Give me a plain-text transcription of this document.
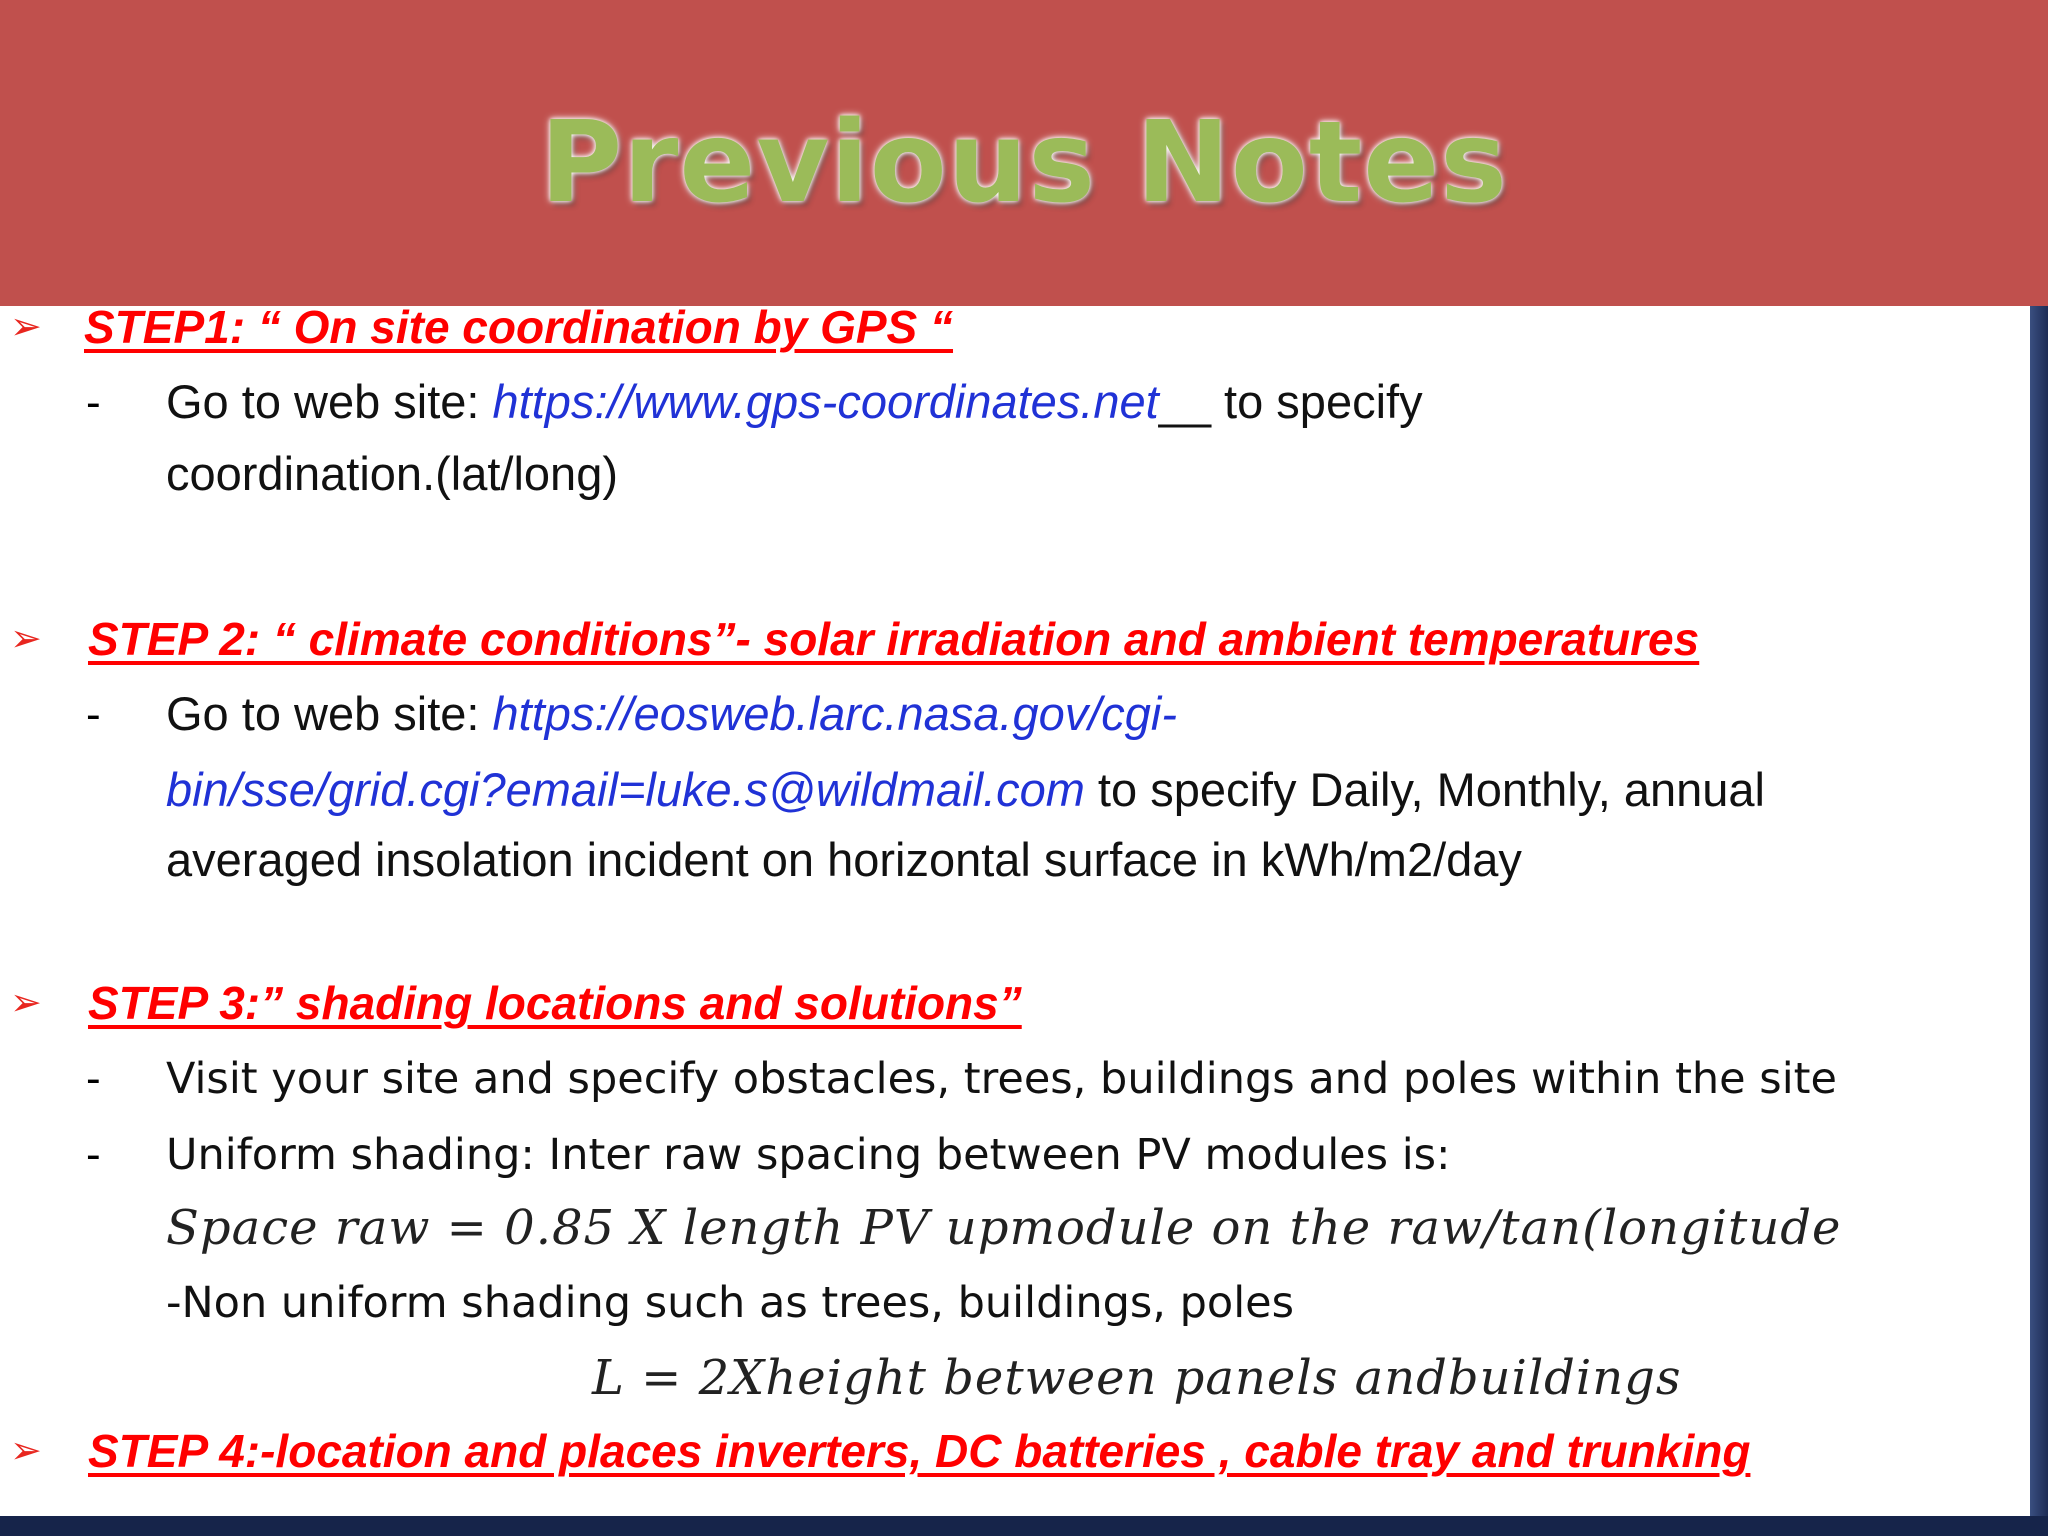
Previous Notes
➢ STEP1: “ On site coordination by GPS “
- Go to web site: https://www.gps-coordinates.net__ to specify
coordination.(lat/long)
➢ STEP 2: “ climate conditions”- solar irradiation and ambient temperatures
- Go to web site: https://eosweb.larc.nasa.gov/cgi-
bin/sse/grid.cgi?email=luke.s@wildmail.com to specify Daily, Monthly, annual
averaged insolation incident on horizontal surface in kWh/m2/day
➢ STEP 3:” shading locations and solutions”
- Visit your site and specify obstacles, trees, buildings and poles within the site
- Uniform shading: Inter raw spacing between PV modules is:
Space raw = 0.85 X length PV upmodule on the raw/tan(longitude
-Non uniform shading such as trees, buildings, poles
L = 2Xheight between panels andbuildings
➢ STEP 4:-location and places inverters, DC batteries , cable tray and trunking
